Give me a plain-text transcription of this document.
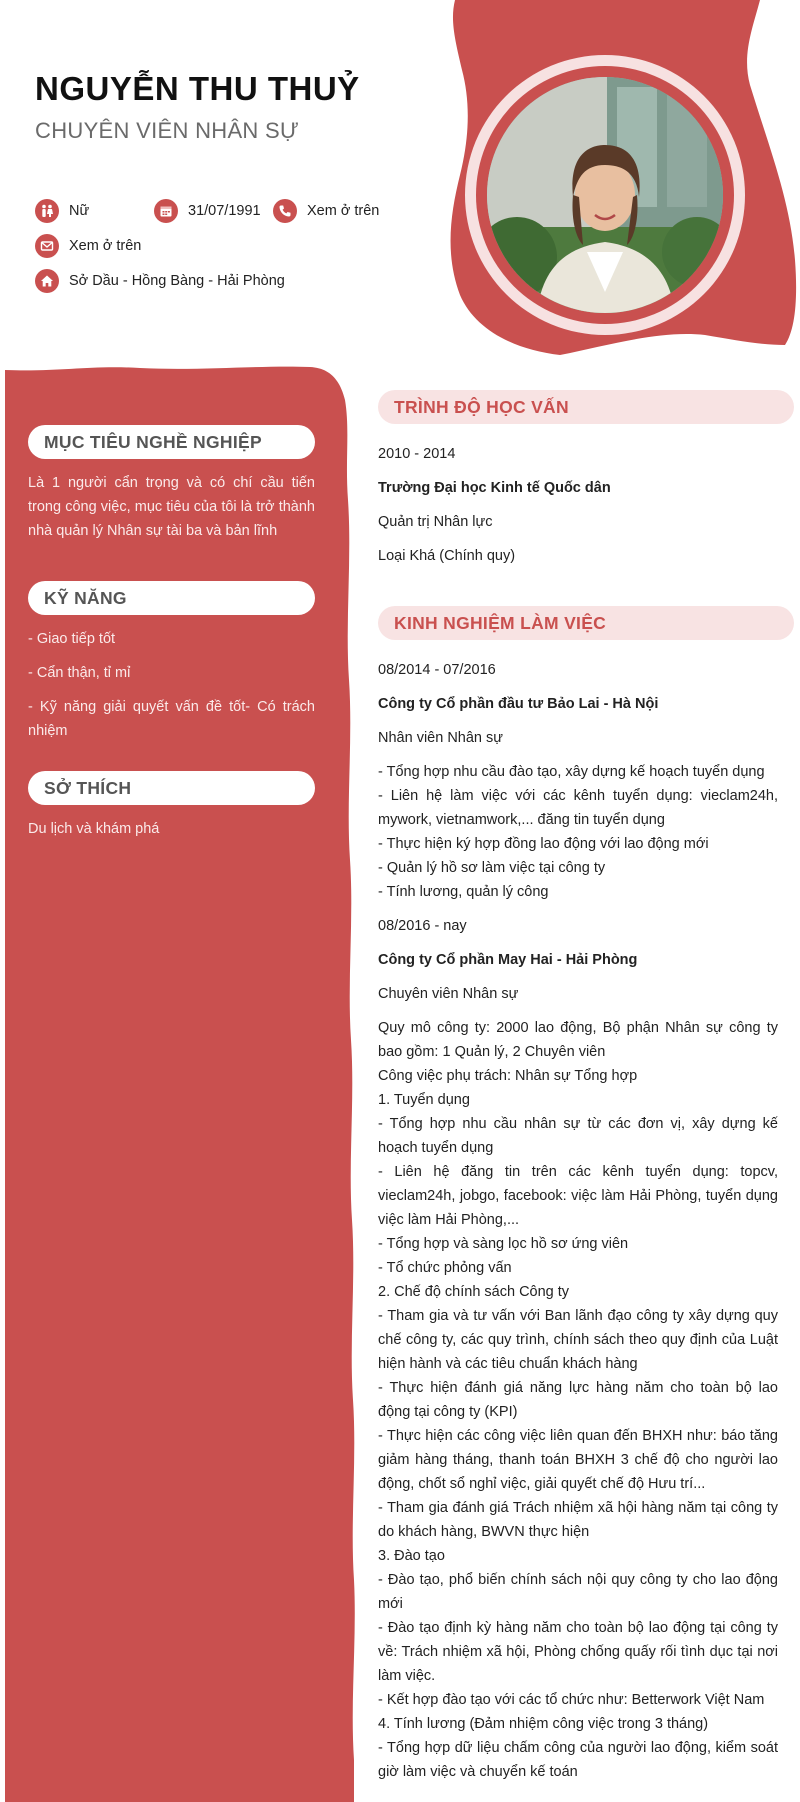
NGUYỄN THU THUỶ
CHUYÊN VIÊN NHÂN SỰ
Nữ	31/07/1991	Xem ở trên
Xem ở trên
Sở Dầu - Hồng Bàng - Hải Phòng
MỤC TIÊU NGHỀ NGHIỆP
Là 1 người cẩn trọng và có chí cầu tiến trong công việc, mục tiêu của tôi là trở thành nhà quản lý Nhân sự tài ba và bản lĩnh
KỸ NĂNG
- Giao tiếp tốt
- Cẩn thận, tỉ mỉ
- Kỹ năng giải quyết vấn đề tốt- Có trách nhiệm
SỞ THÍCH
Du lịch và khám phá
TRÌNH ĐỘ HỌC VẤN
2010 - 2014
Trường Đại học Kinh tế Quốc dân
Quản trị Nhân lực
Loại Khá (Chính quy)
KINH NGHIỆM LÀM VIỆC
08/2014 - 07/2016
Công ty Cổ phần đầu tư Bảo Lai - Hà Nội
Nhân viên Nhân sự
- Tổng hợp nhu cầu đào tạo, xây dựng kế hoạch tuyển dụng
- Liên hệ làm việc với các kênh tuyển dụng: vieclam24h, mywork, vietnamwork,... đăng tin tuyển dụng
- Thực hiện ký hợp đồng lao động với lao động mới
- Quản lý hồ sơ làm việc tại công ty
- Tính lương, quản lý công
08/2016 - nay
Công ty Cổ phần May Hai - Hải Phòng
Chuyên viên Nhân sự
Quy mô công ty: 2000 lao động, Bộ phận Nhân sự công ty bao gồm: 1 Quản lý, 2 Chuyên viên
Công việc phụ trách: Nhân sự Tổng hợp
1. Tuyển dụng
- Tổng hợp nhu cầu nhân sự từ các đơn vị, xây dựng kế hoạch tuyển dụng
- Liên hệ đăng tin trên các kênh tuyển dụng: topcv, vieclam24h, jobgo, facebook: việc làm Hải Phòng, tuyển dụng việc làm Hải Phòng,...
- Tổng hợp và sàng lọc hồ sơ ứng viên
- Tổ chức phỏng vấn
2. Chế độ chính sách Công ty
- Tham gia và tư vấn với Ban lãnh đạo công ty xây dựng quy chế công ty, các quy trình, chính sách theo quy định của Luật hiện hành và các tiêu chuẩn khách hàng
- Thực hiện đánh giá năng lực hàng năm cho toàn bộ lao động tại công ty (KPI)
- Thực hiện các công việc liên quan đến BHXH như: báo tăng giảm hàng tháng, thanh toán BHXH 3 chế độ cho người lao động, chốt sổ nghỉ việc, giải quyết chế độ Hưu trí...
- Tham gia đánh giá Trách nhiệm xã hội hàng năm tại công ty do khách hàng, BWVN thực hiện
3. Đào tạo
- Đào tạo, phổ biến chính sách nội quy công ty cho lao động mới
- Đào tạo định kỳ hàng năm cho toàn bộ lao động tại công ty về: Trách nhiệm xã hội, Phòng chống quấy rối tình dục tại nơi làm việc.
- Kết hợp đào tạo với các tổ chức như: Betterwork Việt Nam
4. Tính lương (Đảm nhiệm công việc trong 3 tháng)
- Tổng hợp dữ liệu chấm công của người lao động, kiểm soát giờ làm việc và chuyển kế toán
